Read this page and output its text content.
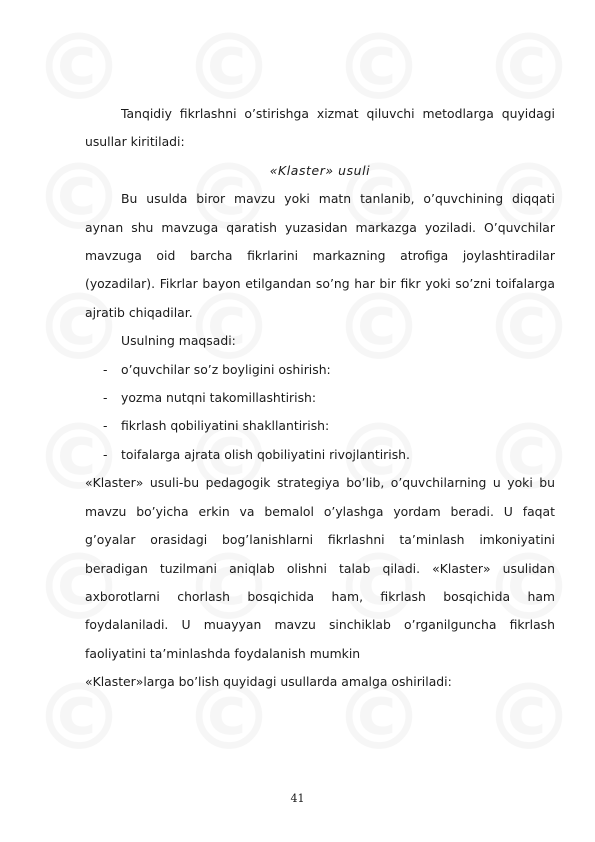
Tanqidiy fikrlashni o’stirishga xizmat qiluvchi metodlarga quyidagi usullar kiritiladi:

«Klaster» usuli

Bu usulda biror mavzu yoki matn tanlanib, o’quvchining diqqati aynan shu mavzuga qaratish yuzasidan markazga yoziladi. O’quvchilar mavzuga oid barcha fikrlarini markazning atrofiga joylashtiradilar (yozadilar). Fikrlar bayon etilgandan so’ng har bir fikr yoki so’zni toifalarga ajratib chiqadilar.

Usulning maqsadi:

- o’quvchilar so’z boyligini oshirish:

- yozma nutqni takomillashtirish:

- fikrlash qobiliyatini shakllantirish:

- toifalarga ajrata olish qobiliyatini rivojlantirish.

«Klaster» usuli-bu pedagogik strategiya bo’lib, o’quvchilarning u yoki bu mavzu bo’yicha erkin va bemalol o’ylashga yordam beradi. U faqat g’oyalar orasidagi bog’lanishlarni fikrlashni ta’minlash imkoniyatini beradigan tuzilmani aniqlab olishni talab qiladi. «Klaster» usulidan axborotlarni chorlash bosqichida ham, fikrlash bosqichida ham foydalaniladi. U muayyan mavzu sinchiklab o’rganilguncha fikrlash faoliyatini ta’minlashda foydalanish mumkin

«Klaster»larga bo’lish quyidagi usullarda amalga oshiriladi:

41
